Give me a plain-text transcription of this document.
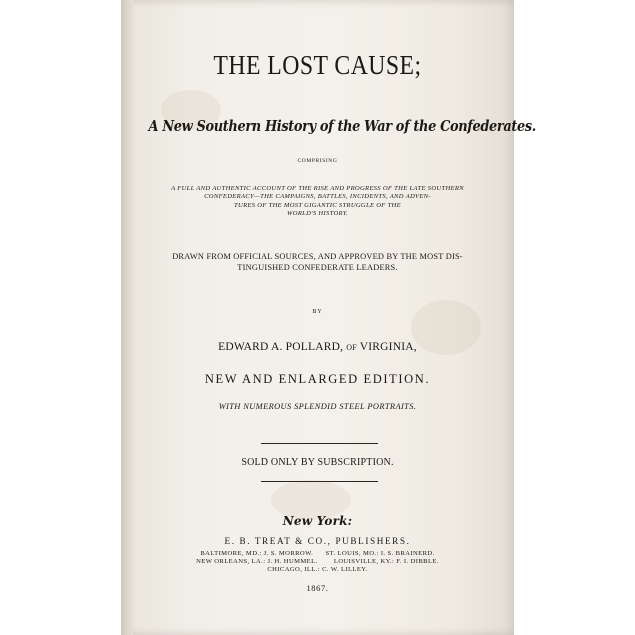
THE LOST CAUSE;
A New Southern History of the War of the Confederates.
COMPRISING
A FULL AND AUTHENTIC ACCOUNT OF THE RISE AND PROGRESS OF THE LATE SOUTHERN
CONFEDERACY—THE CAMPAIGNS, BATTLES, INCIDENTS, AND ADVEN-
TURES OF THE MOST GIGANTIC STRUGGLE OF THE
WORLD'S HISTORY.
DRAWN FROM OFFICIAL SOURCES, AND APPROVED BY THE MOST DIS-
TINGUISHED CONFEDERATE LEADERS.
BY
EDWARD A. POLLARD, OF VIRGINIA,
NEW AND ENLARGED EDITION.
WITH NUMEROUS SPLENDID STEEL PORTRAITS.
SOLD ONLY BY SUBSCRIPTION.
New York:
E. B. TREAT & CO., PUBLISHERS.
BALTIMORE, MD.: J. S. MORROW.      ST. LOUIS, MO.: I. S. BRAINERD.
NEW ORLEANS, LA.: J. H. HUMMEL.        LOUISVILLE, KY.: F. I. DIBBLE.
CHICAGO, ILL.: C. W. LILLEY.
1867.
